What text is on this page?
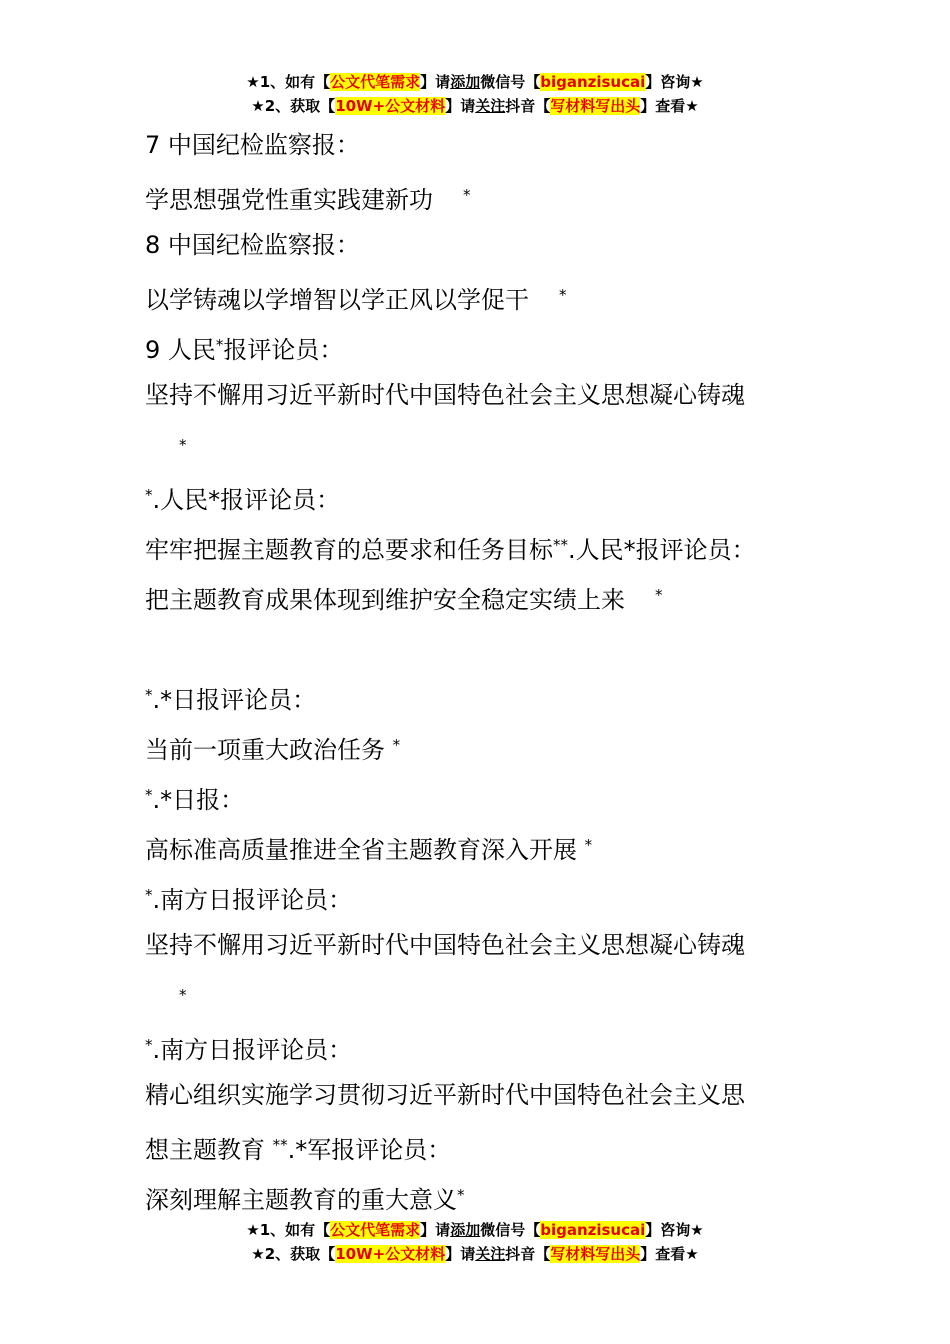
★1、如有【公文代笔需求】请添加微信号【biganzisucai】咨询★
★2、获取【10W+公文材料】请关注抖音【写材料写出头】查看★
7 中国纪检监察报：
学思想强党性重实践建新功 *
8 中国纪检监察报：
以学铸魂以学增智以学正风以学促干 *
9 人民*报评论员：
坚持不懈用习近平新时代中国特色社会主义思想凝心铸魂
*
*.人民*报评论员：
牢牢把握主题教育的总要求和任务目标**.人民*报评论员：
把主题教育成果体现到维护安全稳定实绩上来 *
*.*日报评论员：
当前一项重大政治任务 *
*.*日报：
高标准高质量推进全省主题教育深入开展 *
*.南方日报评论员：
坚持不懈用习近平新时代中国特色社会主义思想凝心铸魂
*
*.南方日报评论员：
精心组织实施学习贯彻习近平新时代中国特色社会主义思
想主题教育 **.*军报评论员：
深刻理解主题教育的重大意义*
★1、如有【公文代笔需求】请添加微信号【biganzisucai】咨询★
★2、获取【10W+公文材料】请关注抖音【写材料写出头】查看★
